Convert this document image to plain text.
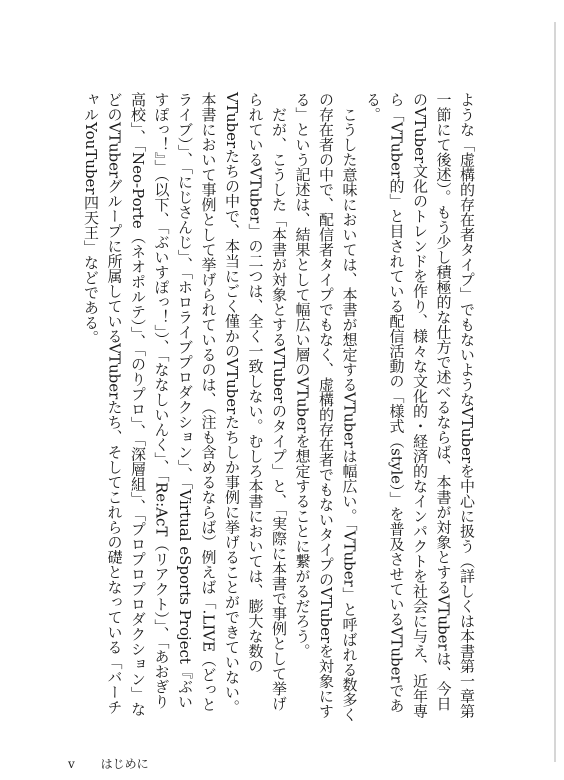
ような「虚構的存在者タイプ」でもないようなVTuberを中心に扱う（詳しくは本書第一章第一節にて後述）。もう少し積極的な仕方で述べるならば、本書が対象とするVTuberは、今日のVTuber文化のトレンドを作り、様々な文化的・経済的なインパクトを社会に与え、近年専ら「VTuber的」と目されている配信活動の「様式（style）」を普及させているVTuberである。

こうした意味においては、本書が想定するVTuberは幅広い。「VTuber」と呼ばれる数多くの存在者の中で、配信者タイプでもなく、虚構的存在者でもないタイプのVTuberを対象にする」という記述は、結果として幅広い層のVTuberを想定することに繋がるだろう。

だが、こうした「本書が対象とするVTuberのタイプ」と、「実際に本書で事例として挙げられているVTuber」の二つは、全く一致しない。むしろ本書においては、膨大な数のVTuberたちの中で、本当にごく僅かのVTuberたちしか事例に挙げることができていない。本書において事例として挙げられているのは、（注も含めるならば）例えば「.LIVE（どっとライブ）」、「にじさんじ」、「ホロライブプロダクション」、「Virtual eSports Project『ぶいすぽっ！』」（以下、「ぶいすぽっ！」）、「ななしいんく」、「Re:AcT（リアクト）」、「あおぎり高校」、「Neo-Porte（ネオポルテ）」、「のりプロ」、「深層組」、「プロプロプロダクション」などのVTuberグループに所属しているVTuberたち、そしてこれらの礎となっている「バーチャルYouTuber四天王」などである。

v はじめに
